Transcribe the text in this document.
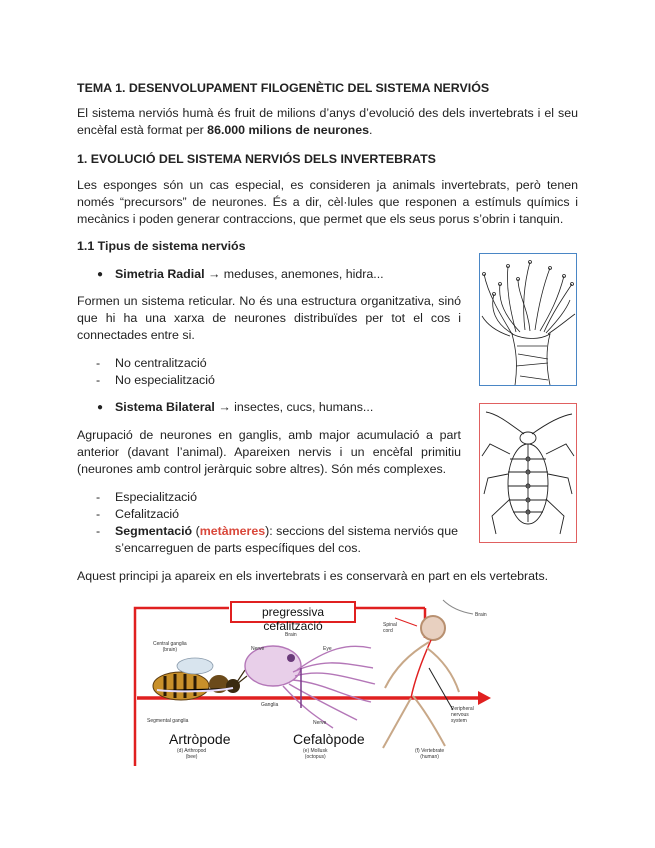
TEMA 1. DESENVOLUPAMENT FILOGENÈTIC DEL SISTEMA NERVIÓS

El sistema nerviós humà és fruit de milions d’anys d’evolució des dels invertebrats i el seu encèfal està format per 86.000 milions de neurones.

1. EVOLUCIÓ DEL SISTEMA NERVIÓS DELS INVERTEBRATS

Les esponges són un cas especial, es consideren ja animals invertebrats, però tenen només “precursors” de neurones. És a dir, cèl·lules que responen a estímuls químics i mecànics i poden generar contraccions, que permet que els seus porus s’obrin i tanquin.

1.1 Tipus de sistema nerviós
● Simetria Radial → meduses, anemones, hidra...

Formen un sistema reticular. No és una estructura organitzativa, sinó que hi ha una xarxa de neurones distribuïdes per tot el cos i connectades entre si.

- No centralització
- No especialització
● Sistema Bilateral → insectes, cucs, humans...

Agrupació de neurones en ganglis, amb major acumulació a part anterior (davant l’animal). Apareixen nervis i un encèfal primitiu (neurones amb control jeràrquic sobre altres). Són més complexes.

- Especialització
- Cefalització
- Segmentació (metàmeres): seccions del sistema nerviós que s’encarreguen de parts específiques del cos.

Aquest principi ja apareix en els invertebrats i es conservarà en part en els vertebrats.

pregressiva cefalització
Central ganglia
(brain)
Segmental ganglia
(d) Arthropod
(bee)
Brain
Nerve	Eye
Ganglia
Nerve
(e) Mollusk
(octopus)
Brain
Spinal
cord
Peripheral
nervous
system
(f) Vertebrate
(human)
Artròpode	Cefalòpode
